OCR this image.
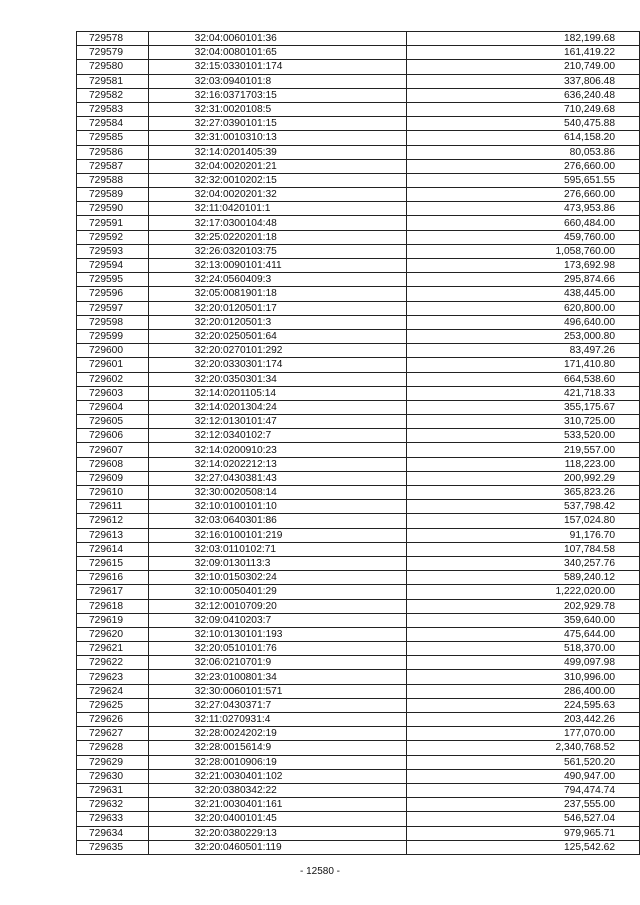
729578	32:04:0060101:36	182,199.68
729579	32:04:0080101:65	161,419.22
729580	32:15:0330101:174	210,749.00
729581	32:03:0940101:8	337,806.48
729582	32:16:0371703:15	636,240.48
729583	32:31:0020108:5	710,249.68
729584	32:27:0390101:15	540,475.88
729585	32:31:0010310:13	614,158.20
729586	32:14:0201405:39	80,053.86
729587	32:04:0020201:21	276,660.00
729588	32:32:0010202:15	595,651.55
729589	32:04:0020201:32	276,660.00
729590	32:11:0420101:1	473,953.86
729591	32:17:0300104:48	660,484.00
729592	32:25:0220201:18	459,760.00
729593	32:26:0320103:75	1,058,760.00
729594	32:13:0090101:411	173,692.98
729595	32:24:0560409:3	295,874.66
729596	32:05:0081901:18	438,445.00
729597	32:20:0120501:17	620,800.00
729598	32:20:0120501:3	496,640.00
729599	32:20:0250501:64	253,000.80
729600	32:20:0270101:292	83,497.26
729601	32:20:0330301:174	171,410.80
729602	32:20:0350301:34	664,538.60
729603	32:14:0201105:14	421,718.33
729604	32:14:0201304:24	355,175.67
729605	32:12:0130101:47	310,725.00
729606	32:12:0340102:7	533,520.00
729607	32:14:0200910:23	219,557.00
729608	32:14:0202212:13	118,223.00
729609	32:27:0430381:43	200,992.29
729610	32:30:0020508:14	365,823.26
729611	32:10:0100101:10	537,798.42
729612	32:03:0640301:86	157,024.80
729613	32:16:0100101:219	91,176.70
729614	32:03:0110102:71	107,784.58
729615	32:09:0130113:3	340,257.76
729616	32:10:0150302:24	589,240.12
729617	32:10:0050401:29	1,222,020.00
729618	32:12:0010709:20	202,929.78
729619	32:09:0410203:7	359,640.00
729620	32:10:0130101:193	475,644.00
729621	32:20:0510101:76	518,370.00
729622	32:06:0210701:9	499,097.98
729623	32:23:0100801:34	310,996.00
729624	32:30:0060101:571	286,400.00
729625	32:27:0430371:7	224,595.63
729626	32:11:0270931:4	203,442.26
729627	32:28:0024202:19	177,070.00
729628	32:28:0015614:9	2,340,768.52
729629	32:28:0010906:19	561,520.20
729630	32:21:0030401:102	490,947.00
729631	32:20:0380342:22	794,474.74
729632	32:21:0030401:161	237,555.00
729633	32:20:0400101:45	546,527.04
729634	32:20:0380229:13	979,965.71
729635	32:20:0460501:119	125,542.62
- 12580 -
